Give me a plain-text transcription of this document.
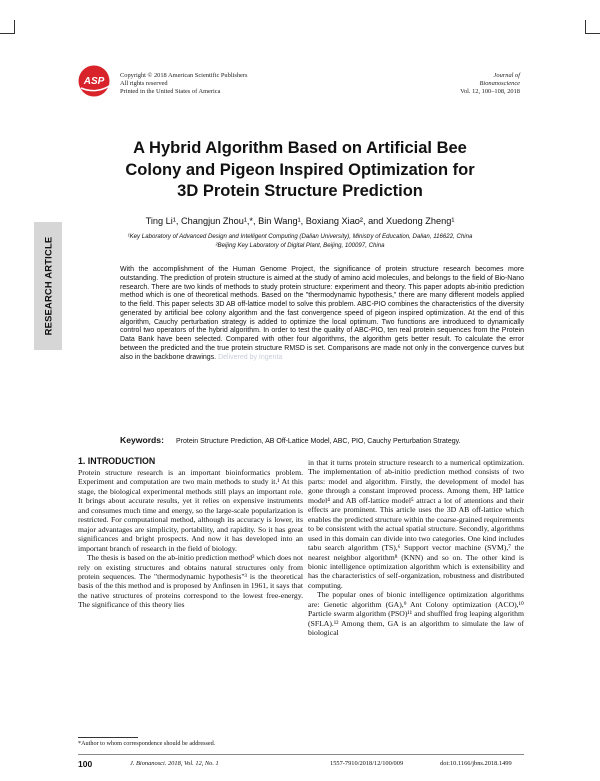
ASP
Copyright © 2018 American Scientific Publishers
All rights reserved
Printed in the United States of America
Journal of
Bionanoscience
Vol. 12, 100–108, 2018
A Hybrid Algorithm Based on Artificial Bee
Colony and Pigeon Inspired Optimization for
3D Protein Structure Prediction
Ting Li¹, Changjun Zhou¹,*, Bin Wang¹, Boxiang Xiao², and Xuedong Zheng¹
¹Key Laboratory of Advanced Design and Intelligent Computing (Dalian University), Ministry of Education, Dalian, 116622, China
²Beijing Key Laboratory of Digital Plant, Beijing, 100097, China
RESEARCH ARTICLE	With the accomplishment of the Human Genome Project, the significance of protein structure research becomes more outstanding. The prediction of protein structure is aimed at the study of amino acid molecules, and belongs to the field of Bio-Nano research. There are two kinds of methods to study protein structure: experiment and theory. This paper adopts ab-initio prediction method which is one of theoretical methods. Based on the "thermodynamic hypothesis," there are many different models applied to the field. This paper selects 3D AB off-lattice model to solve this problem. ABC-PIO combines the characteristics of the diversity generated by artificial bee colony algorithm and the fast convergence speed of pigeon inspired optimization. At the end of this algorithm, Cauchy perturbation strategy is added to optimize the local optimum. Two functions are introduced to dynamically control two operators of the hybrid algorithm. In order to test the quality of ABC-PIO, ten real protein sequences from the Protein Data Bank have been selected. Compared with other four algorithms, the algorithm gets better result. To calculate the error between the predicted and the true protein structure RMSD is set. Comparisons are made not only in the convergence curves but also in the backbone drawings. Delivered by Ingenta
Keywords: Protein Structure Prediction, AB Off-Lattice Model, ABC, PIO, Cauchy Perturbation Strategy.
1. INTRODUCTION

Protein structure research is an important bioinformatics problem. Experiment and computation are two main methods to study it.¹ At this stage, the biological experimental methods still plays an important role. It brings about accurate results, yet it relies on expensive instruments and consumes much time and energy, so the large-scale popularization is restricted. For computational method, although its accuracy is lower, its major advantages are simplicity, portability, and rapidity. So it has great significances and bright prospects. And now it has developed into an important branch of research in the field of biology.

The thesis is based on the ab-initio prediction method² which does not rely on existing structures and obtains natural structures only from protein sequences. The "thermodynamic hypothesis"³ is the theoretical basis of the this method and is proposed by Anfinsen in 1961, it says that the native structures of proteins correspond to the lowest free-energy. The significance of this theory lies

in that it turns protein structure research to a numerical optimization. The implementation of ab-initio prediction method consists of two parts: model and algorithm. Firstly, the development of model has gone through a constant improved process. Among them, HP lattice model⁴ and AB off-lattice model⁵ attract a lot of attentions and their effects are prominent. This article uses the 3D AB off-lattice which enables the predicted structure within the coarse-grained requirements to be consistent with the actual spatial structure. Secondly, algorithms used in this domain can divide into two categories. One kind includes tabu search algorithm (TS),⁶ Support vector machine (SVM),⁷ the nearest neighbor algorithm⁸ (KNN) and so on. The other kind is bionic intelligence optimization algorithm which is extensibility and has the characteristics of self-organization, robustness and distributed computing.

The popular ones of bionic intelligence optimization algorithms are: Genetic algorithm (GA),⁹ Ant Colony optimization (ACO),¹⁰ Particle swarm algorithm (PSO)¹¹ and shuffled frog leaping algorithm (SFLA).¹² Among them, GA is an algorithm to simulate the law of biological

*Author to whom correspondence should be addressed.
100	J. Bionanosci. 2018, Vol. 12, No. 1	1557-7910/2018/12/100/009	doi:10.1166/jbns.2018.1499
